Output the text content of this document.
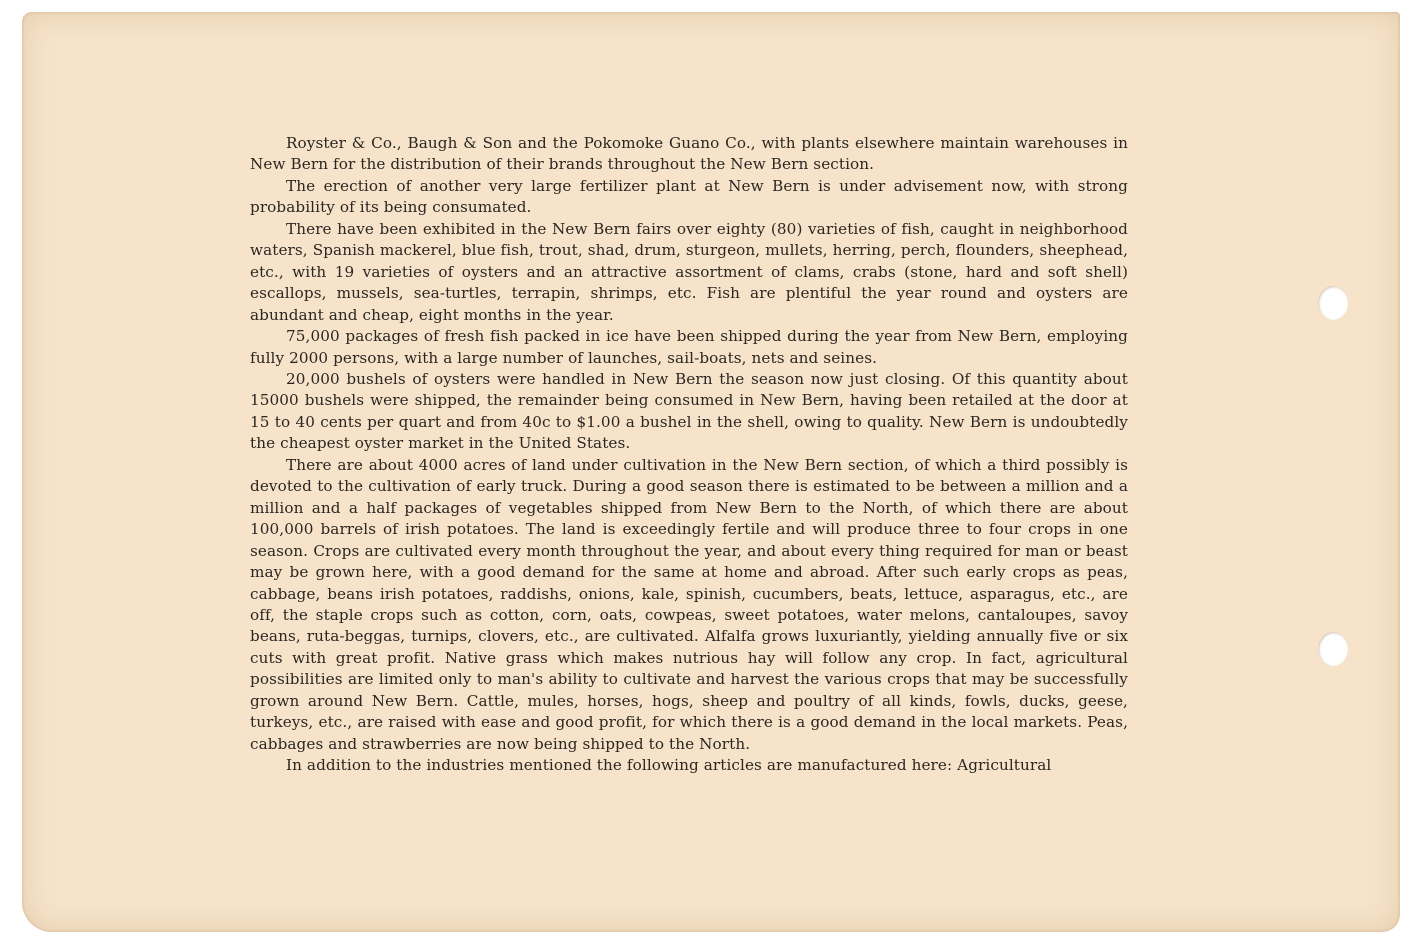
Royster & Co., Baugh & Son and the Pokomoke Guano Co., with plants elsewhere maintain warehouses in New Bern for the distribution of their brands throughout the New Bern section.

The erection of another very large fertilizer plant at New Bern is under advisement now, with strong probability of its being consumated.

There have been exhibited in the New Bern fairs over eighty (80) varieties of fish, caught in neighborhood waters, Spanish mackerel, blue fish, trout, shad, drum, sturgeon, mullets, herring, perch, flounders, sheephead, etc., with 19 varieties of oysters and an attractive assortment of clams, crabs (stone, hard and soft shell) escallops, mussels, sea-turtles, terrapin, shrimps, etc. Fish are plentiful the year round and oysters are abundant and cheap, eight months in the year.

75,000 packages of fresh fish packed in ice have been shipped during the year from New Bern, employing fully 2000 persons, with a large number of launches, sail-boats, nets and seines.

20,000 bushels of oysters were handled in New Bern the season now just closing. Of this quantity about 15000 bushels were shipped, the remainder being consumed in New Bern, having been retailed at the door at 15 to 40 cents per quart and from 40c to $1.00 a bushel in the shell, owing to quality. New Bern is undoubtedly the cheapest oyster market in the United States.

There are about 4000 acres of land under cultivation in the New Bern section, of which a third possibly is devoted to the cultivation of early truck. During a good season there is estimated to be between a million and a million and a half packages of vegetables shipped from New Bern to the North, of which there are about 100,000 barrels of irish potatoes. The land is exceedingly fertile and will produce three to four crops in one season. Crops are cultivated every month throughout the year, and about every thing required for man or beast may be grown here, with a good demand for the same at home and abroad. After such early crops as peas, cabbage, beans irish potatoes, raddishs, onions, kale, spinish, cucumbers, beats, lettuce, asparagus, etc., are off, the staple crops such as cotton, corn, oats, cowpeas, sweet potatoes, water melons, cantaloupes, savoy beans, ruta-beggas, turnips, clovers, etc., are cultivated. Alfalfa grows luxuriantly, yielding annually five or six cuts with great profit. Native grass which makes nutrious hay will follow any crop. In fact, agricultural possibilities are limited only to man's ability to cultivate and harvest the various crops that may be successfully grown around New Bern. Cattle, mules, horses, hogs, sheep and poultry of all kinds, fowls, ducks, geese, turkeys, etc., are raised with ease and good profit, for which there is a good demand in the local markets. Peas, cabbages and strawberries are now being shipped to the North.

In addition to the industries mentioned the following articles are manufactured here: Agricultural
